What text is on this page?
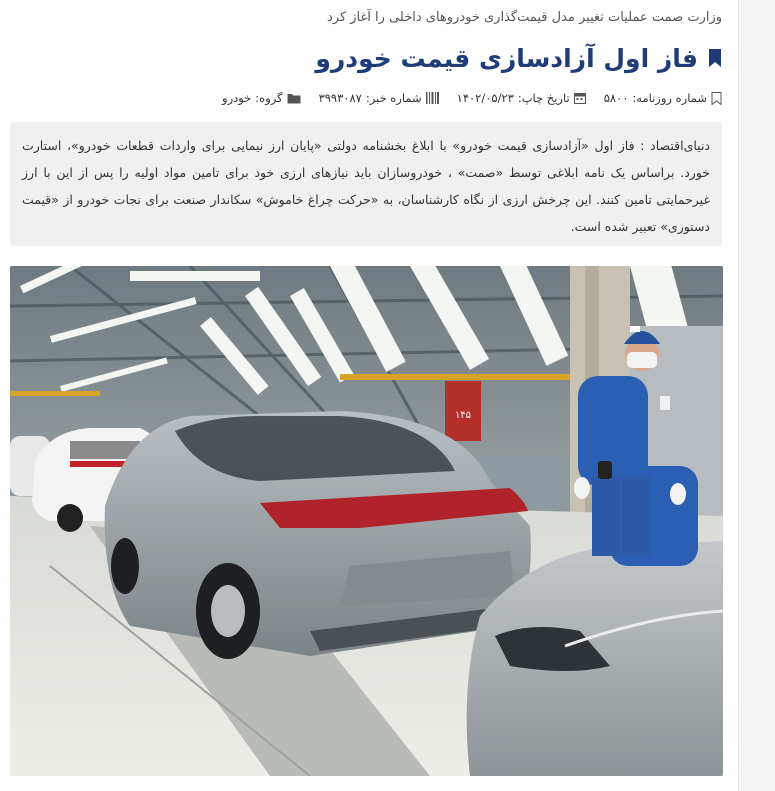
وزارت صمت عملیات تغییر مدل قیمت‌گذاری خودروهای داخلی را آغاز کرد
فاز اول آزادسازی قیمت خودرو
شماره روزنامه:
۵۸۰۰
تاریخ چاپ:
۱۴۰۲/۰۵/۲۳
شماره خبر:
۳۹۹۳۰۸۷
گروه:
خودرو
دنیای‌اقتصاد : فاز اول «آزادسازی قیمت خودرو» با ابلاغ بخشنامه دولتی «پایان ارز نیمایی برای واردات قطعات خودرو»، استارت خورد. براساس یک نامه ابلاغی توسط «صمت» ، خودروسازان باید نیازهای ارزی خود برای تامین مواد اولیه را پس از این با ارز غیرحمایتی تامین کنند. این چرخش ارزی از نگاه کارشناسان، به «حرکت چراغ خاموش» سکاندار صنعت برای نجات خودرو از «قیمت دستوری» تعبیر شده است.
۱۴۵
